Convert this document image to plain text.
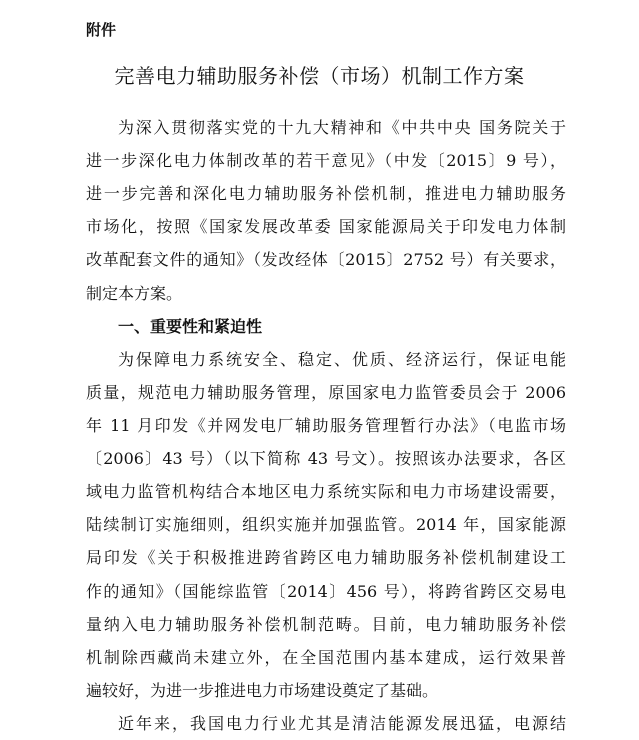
附件
完善电力辅助服务补偿（市场）机制工作方案
为深入贯彻落实党的十九大精神和《中共中央 国务院关于
进一步深化电力体制改革的若干意见》（中发〔2015〕9 号），
进一步完善和深化电力辅助服务补偿机制，推进电力辅助服务
市场化，按照《国家发展改革委 国家能源局关于印发电力体制
改革配套文件的通知》（发改经体〔2015〕2752 号）有关要求，
制定本方案。
一、重要性和紧迫性
为保障电力系统安全、稳定、优质、经济运行，保证电能
质量，规范电力辅助服务管理，原国家电力监管委员会于 2006
年 11 月印发《并网发电厂辅助服务管理暂行办法》（电监市场
〔2006〕43 号）（以下简称 43 号文）。按照该办法要求，各区
域电力监管机构结合本地区电力系统实际和电力市场建设需要，
陆续制订实施细则，组织实施并加强监管。2014 年，国家能源
局印发《关于积极推进跨省跨区电力辅助服务补偿机制建设工
作的通知》（国能综监管〔2014〕456 号），将跨省跨区交易电
量纳入电力辅助服务补偿机制范畴。目前，电力辅助服务补偿
机制除西藏尚未建立外，在全国范围内基本建成，运行效果普
遍较好，为进一步推进电力市场建设奠定了基础。
近年来，我国电力行业尤其是清洁能源发展迅猛，电源结
